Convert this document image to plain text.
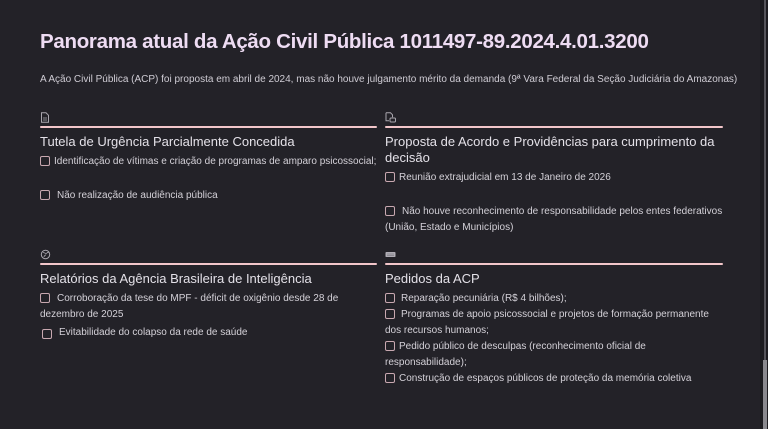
Panorama atual da Ação Civil Pública 1011497-89.2024.4.01.3200
A Ação Civil Pública (ACP) foi proposta em abril de 2024, mas não houve julgamento mérito da demanda (9ª Vara Federal da Seção Judiciária do Amazonas)
Tutela de Urgência Parcialmente Concedida
Identificação de vítimas e criação de programas de amparo psicossocial;
Não realização de audiência pública
Proposta de Acordo e Providências para cumprimento da decisão
Reunião extrajudicial em 13 de Janeiro de 2026
Não houve reconhecimento de responsabilidade pelos entes federativos (União, Estado e Municípios)
Relatórios da Agência Brasileira de Inteligência
Corroboração da tese do MPF - déficit de oxigênio desde 28 de dezembro de 2025
Evitabilidade do colapso da rede de saúde
Pedidos da ACP
Reparação pecuniária (R$ 4 bilhões);
Programas de apoio psicossocial e projetos de formação permanente dos recursos humanos;
Pedido público de desculpas (reconhecimento oficial de responsabilidade);
Construção de espaços públicos de proteção da memória coletiva
